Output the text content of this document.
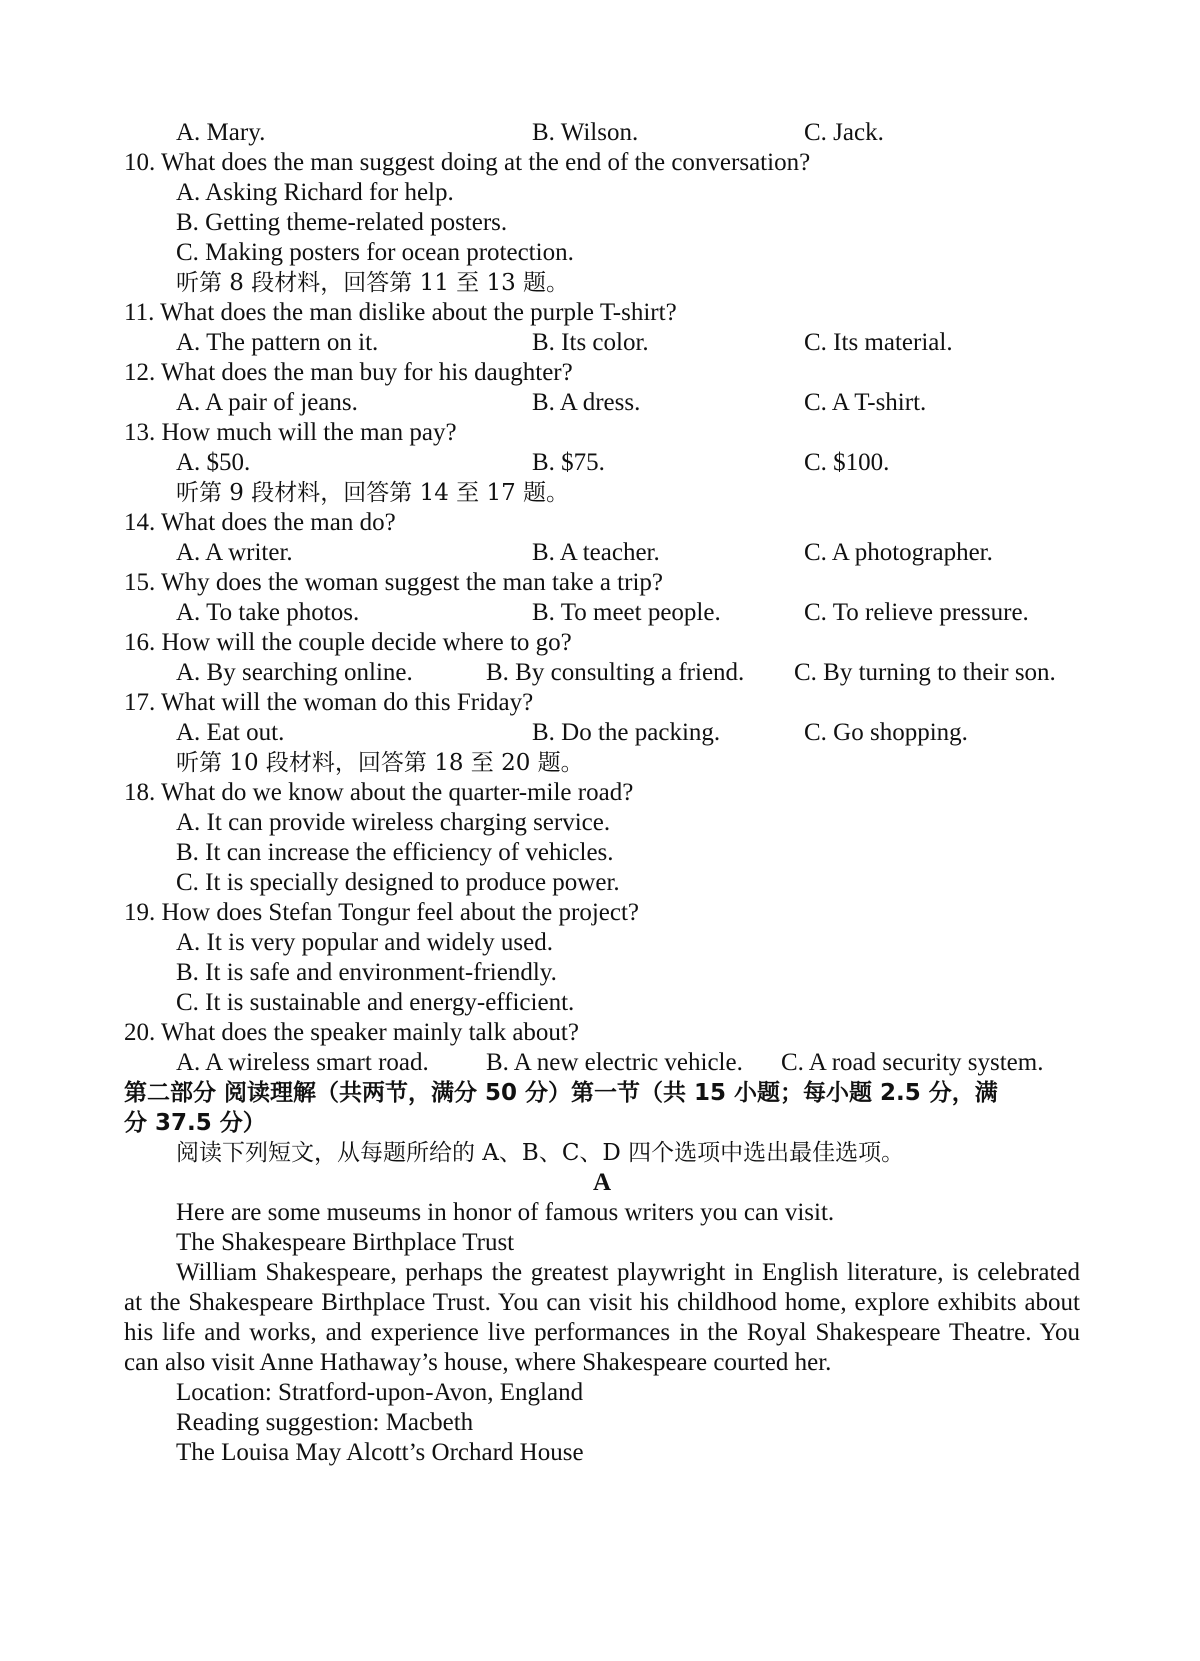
A. Mary.	B. Wilson.	C. Jack.
10. What does the man suggest doing at the end of the conversation?
A. Asking Richard for help.
B. Getting theme-related posters.
C. Making posters for ocean protection.
听第 8 段材料，回答第 11 至 13 题。
11. What does the man dislike about the purple T-shirt?
A. The pattern on it.	B. Its color.	C. Its material.
12. What does the man buy for his daughter?
A. A pair of jeans.	B. A dress.	C. A T-shirt.
13. How much will the man pay?
A. $50.	B. $75.	C. $100.
听第 9 段材料，回答第 14 至 17 题。
14. What does the man do?
A. A writer.	B. A teacher.	C. A photographer.
15. Why does the woman suggest the man take a trip?
A. To take photos.	B. To meet people.	C. To relieve pressure.
16. How will the couple decide where to go?
A. By searching online.	B. By consulting a friend. C. By turning to their son.
17. What will the woman do this Friday?
A. Eat out.	B. Do the packing.	C. Go shopping.
听第 10 段材料，回答第 18 至 20 题。
18. What do we know about the quarter-mile road?
A. It can provide wireless charging service.
B. It can increase the efficiency of vehicles.
C. It is specially designed to produce power.
19. How does Stefan Tongur feel about the project?
A. It is very popular and widely used.
B. It is safe and environment-friendly.
C. It is sustainable and energy-efficient.
20. What does the speaker mainly talk about?
A. A wireless smart road. B. A new electric vehicle. C. A road security system.
第二部分 阅读理解（共两节，满分 50 分）第一节（共 15 小题；每小题 2.5 分，满
分 37.5 分）
阅读下列短文，从每题所给的 A、B、C、D 四个选项中选出最佳选项。
A
Here are some museums in honor of famous writers you can visit.
The Shakespeare Birthplace Trust
William Shakespeare, perhaps the greatest playwright in English literature, is celebrated at the Shakespeare Birthplace Trust. You can visit his childhood home, explore exhibits about his life and works, and experience live performances in the Royal Shakespeare Theatre. You can also visit Anne Hathaway’s house, where Shakespeare courted her.
Location: Stratford-upon-Avon, England
Reading suggestion: Macbeth
The Louisa May Alcott’s Orchard House
